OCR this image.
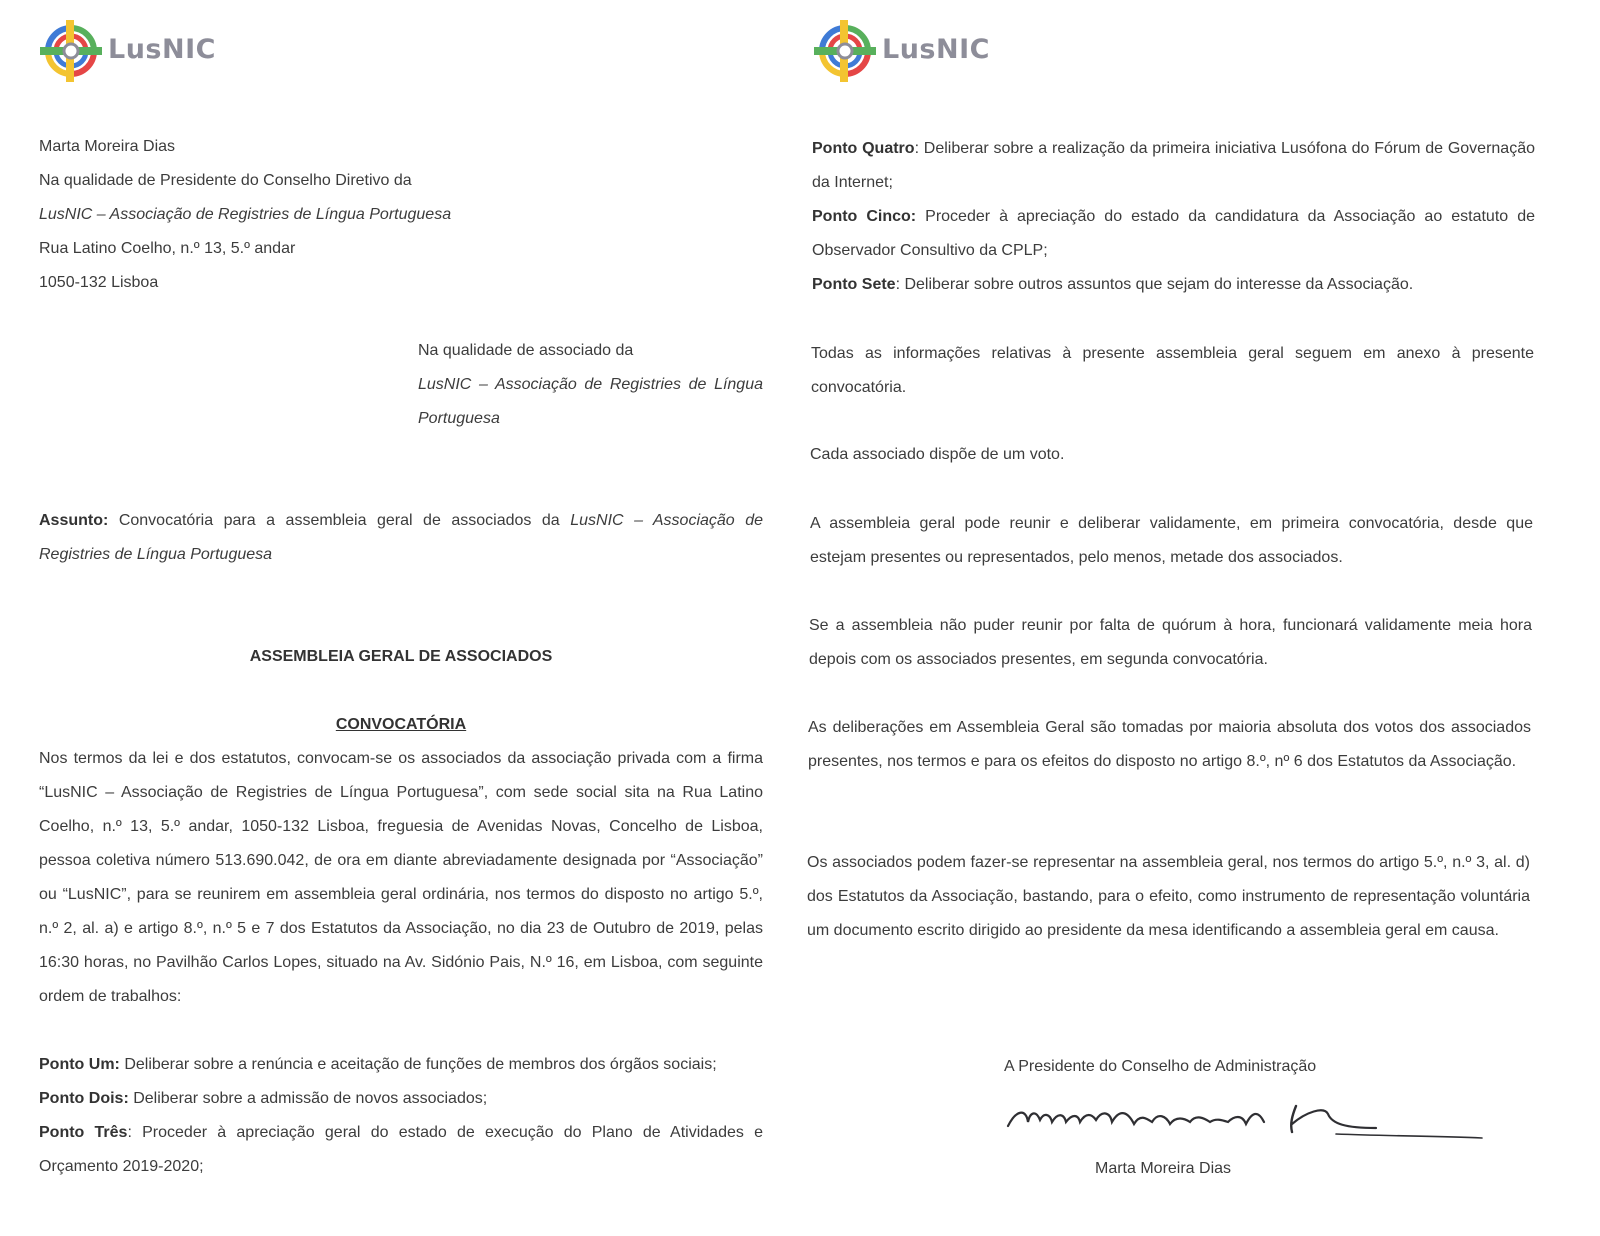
LusNIC

Marta Moreira Dias

Na qualidade de Presidente do Conselho Diretivo da

LusNIC – Associação de Registries de Língua Portuguesa

Rua Latino Coelho, n.º 13, 5.º andar

1050-132 Lisboa

Na qualidade de associado da

LusNIC – Associação de Registries de Língua Portuguesa

Assunto: Convocatória para a assembleia geral de associados da LusNIC – Associação de Registries de Língua Portuguesa

ASSEMBLEIA GERAL DE ASSOCIADOS
CONVOCATÓRIA

Nos termos da lei e dos estatutos, convocam-se os associados da associação privada com a firma “LusNIC – Associação de Registries de Língua Portuguesa”, com sede social sita na Rua Latino Coelho, n.º 13, 5.º andar, 1050-132 Lisboa, freguesia de Avenidas Novas, Concelho de Lisboa, pessoa coletiva número 513.690.042, de ora em diante abreviadamente designada por “Associação” ou “LusNIC”, para se reunirem em assembleia geral ordinária, nos termos do disposto no artigo 5.º, n.º 2, al. a) e artigo 8.º, n.º 5 e 7 dos Estatutos da Associação, no dia 23 de Outubro de 2019, pelas 16:30 horas, no Pavilhão Carlos Lopes, situado na Av. Sidónio Pais, N.º 16, em Lisboa, com seguinte ordem de trabalhos:

Ponto Um: Deliberar sobre a renúncia e aceitação de funções de membros dos órgãos sociais;

Ponto Dois: Deliberar sobre a admissão de novos associados;

Ponto Três: Proceder à apreciação geral do estado de execução do Plano de Atividades e Orçamento 2019-2020;

LusNIC

Ponto Quatro: Deliberar sobre a realização da primeira iniciativa Lusófona do Fórum de Governação da Internet;

Ponto Cinco: Proceder à apreciação do estado da candidatura da Associação ao estatuto de Observador Consultivo da CPLP;

Ponto Sete: Deliberar sobre outros assuntos que sejam do interesse da Associação.

Todas as informações relativas à presente assembleia geral seguem em anexo à presente convocatória.

Cada associado dispõe de um voto.

A assembleia geral pode reunir e deliberar validamente, em primeira convocatória, desde que estejam presentes ou representados, pelo menos, metade dos associados.

Se a assembleia não puder reunir por falta de quórum à hora, funcionará validamente meia hora depois com os associados presentes, em segunda convocatória.

As deliberações em Assembleia Geral são tomadas por maioria absoluta dos votos dos associados presentes, nos termos e para os efeitos do disposto no artigo 8.º, nº 6 dos Estatutos da Associação.

Os associados podem fazer-se representar na assembleia geral, nos termos do artigo 5.º, n.º 3, al. d) dos Estatutos da Associação, bastando, para o efeito, como instrumento de representação voluntária um documento escrito dirigido ao presidente da mesa identificando a assembleia geral em causa.

A Presidente do Conselho de Administração

Marta Moreira Dias
